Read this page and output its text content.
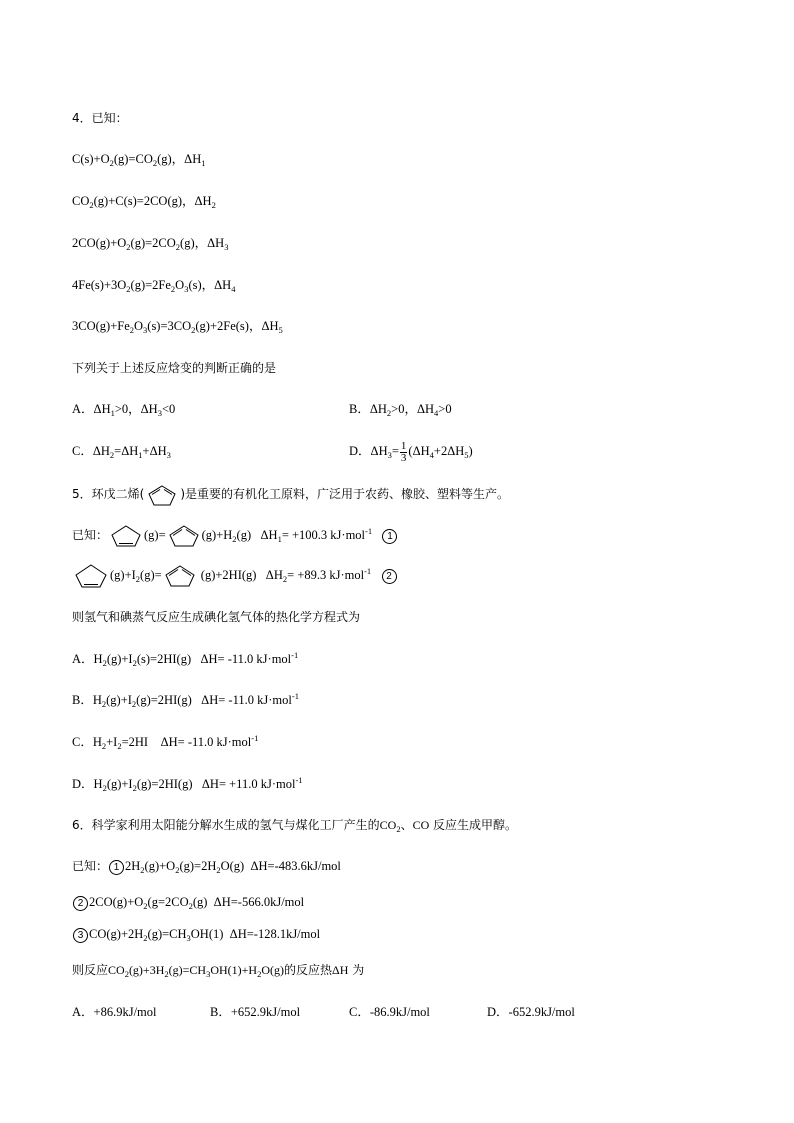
4．已知：
$C(s)+O_2(g)=CO_2(g)$，$\Delta H_1$
$CO_2(g)+C(s)=2CO(g)$，$\Delta H_2$
$2CO(g)+O_2(g)=2CO_2(g)$，$\Delta H_3$
$4Fe(s)+3O_2(g)=2Fe_2O_3(s)$，$\Delta H_4$
$3CO(g)+Fe_2O_3(s)=3CO_2(g)+2Fe(s)$，$\Delta H_5$
下列关于上述反应焓变的判断正确的是
A．$\Delta H_1>0$，$\Delta H_3<0$	B．$\Delta H_2>0$，$\Delta H_4>0$
C．$\Delta H_2=\Delta H_1+\Delta H_3$	D．$\Delta H_3= \frac{1}{3} (\Delta H_4+2\Delta H_5)$
5．环戊二烯(	)是重要的有机化工原料，广泛用于农药、橡胶、塑料等生产。
已知：	(g)=	$(g)+H_2(g)$   $\Delta H_1= +100.3$ kJ·mol$^{-1}$ 1
$(g)+I_2(g)=$	(g)+2HI(g)   $\Delta H_2= +89.3$ kJ·mol$^{-1}$ 2
则氢气和碘蒸气反应生成碘化氢气体的热化学方程式为
A．$H_2(g)+I_2(s)=2HI(g)$   ΔH= -11.0 kJ·mol$^{-1}$
B．$H_2(g)+I_2(g)=2HI(g)$   ΔH= -11.0 kJ·mol$^{-1}$
C．$H_2+I_2=2HI$    ΔH= -11.0 kJ·mol$^{-1}$
D．$H_2(g)+I_2(g)=2HI(g)$   ΔH= +11.0 kJ·mol$^{-1}$
6．科学家利用太阳能分解水生成的氢气与煤化工厂产生的$CO_2$、CO 反应生成甲醇。
已知： 1 $2H_2(g)+O_2(g)=2H_2O(g)$  ΔH=-483.6kJ/mol
2 $2CO(g)+O_2(g=2CO_2(g)$  ΔH=-566.0kJ/mol
3 $CO(g)+2H_2(g)=CH_3OH(1)$  ΔH=-128.1kJ/mol
则反应$CO_2(g)+3H_2(g)=CH_3OH(1)+H_2O(g)$的反应热ΔH 为
A．+86.9kJ/mol	B．+652.9kJ/mol	C．-86.9kJ/mol	D．-652.9kJ/mol
